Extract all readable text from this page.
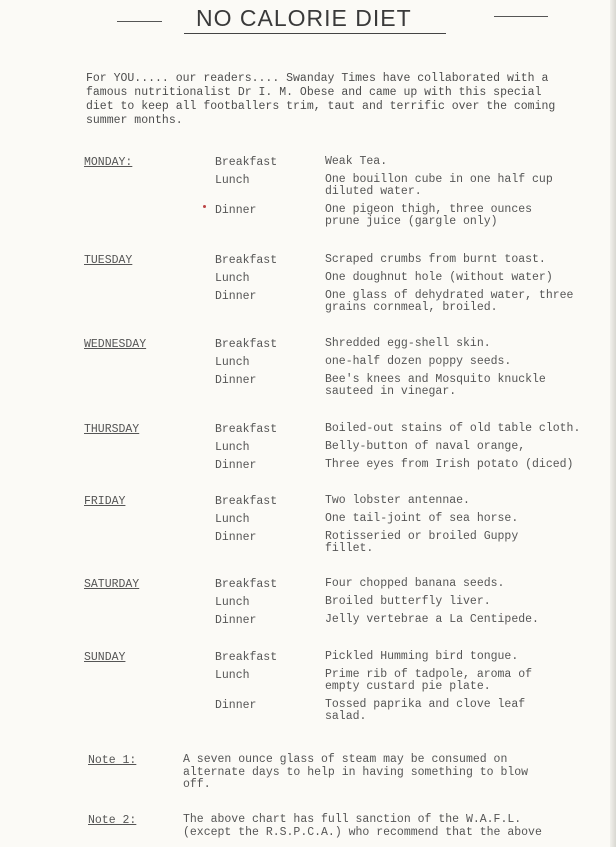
NO CALORIE DIET
For YOU..... our readers.... Swanday Times have collaborated with a
famous nutritionalist Dr I. M. Obese and came up with this special
diet to keep all footballers trim, taut and terrific over the coming
summer months.
MONDAY:	Breakfast	Weak Tea.
Lunch	One bouillon cube in one half cup
diluted water.
Dinner	One pigeon thigh, three ounces
prune juice (gargle only)
TUESDAY	Breakfast	Scraped crumbs from burnt toast.
Lunch	One doughnut hole (without water)
Dinner	One glass of dehydrated water, three
grains cornmeal, broiled.
WEDNESDAY	Breakfast	Shredded egg-shell skin.
Lunch	one-half dozen poppy seeds.
Dinner	Bee's knees and Mosquito knuckle
sauteed in vinegar.
THURSDAY	Breakfast	Boiled-out stains of old table cloth.
Lunch	Belly-button of naval orange,
Dinner	Three eyes from Irish potato (diced)
FRIDAY	Breakfast	Two lobster antennae.
Lunch	One tail-joint of sea horse.
Dinner	Rotisseried or broiled Guppy
fillet.
SATURDAY	Breakfast	Four chopped banana seeds.
Lunch	Broiled butterfly liver.
Dinner	Jelly vertebrae a La Centipede.
SUNDAY	Breakfast	Pickled Humming bird tongue.
Lunch	Prime rib of tadpole, aroma of
empty custard pie plate.
Dinner	Tossed paprika and clove leaf
salad.
Note 1:	A seven ounce glass of steam may be consumed on
alternate days to help in having something to blow
off.
Note 2:	The above chart has full sanction of the W.A.F.L.
(except the R.S.P.C.A.) who recommend that the above
